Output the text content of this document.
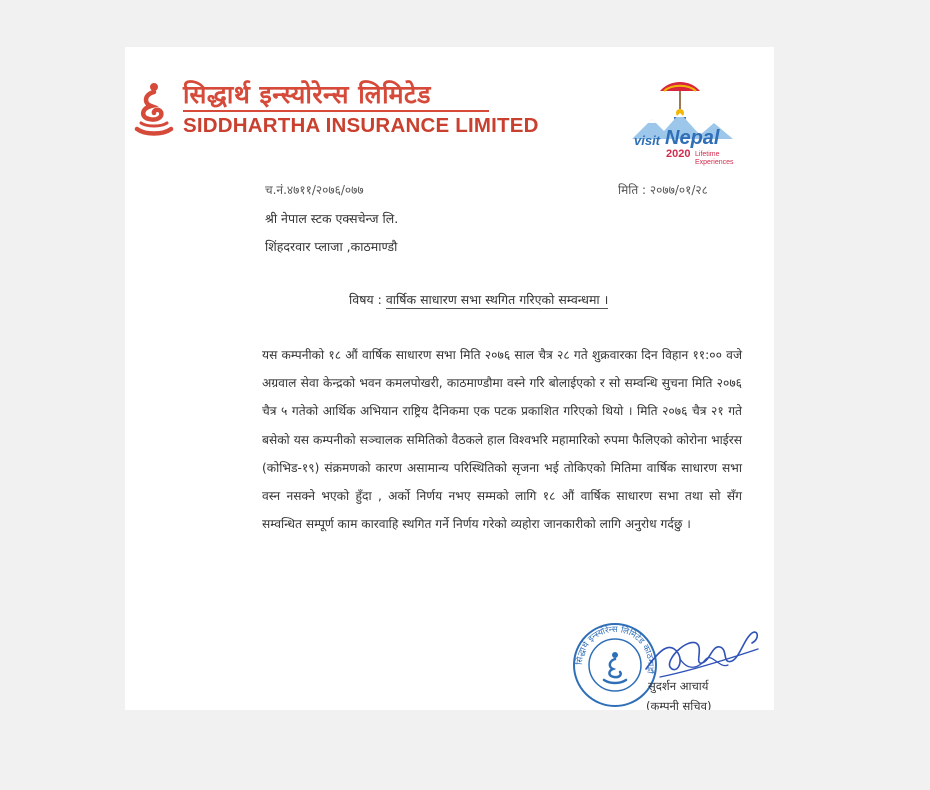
सिद्धार्थ इन्स्योरेन्स लिमिटेड
SIDDHARTHA INSURANCE LIMITED
visit Nepal
2020 Lifetime Experiences
च.नं.४७११/२०७६/०७७	मिति : २०७७/०१/२८
श्री नेपाल स्टक एक्सचेन्ज लि.
शिंहदरवार प्लाजा ,काठमाण्डौ
विषय : वार्षिक साधारण सभा स्थगित गरिएको सम्वन्धमा ।

यस कम्पनीको १८ औं वार्षिक साधारण सभा मिति २०७६ साल चैत्र २८ गते शुक्रवारका दिन विहान ११:०० वजे अग्रवाल सेवा केन्द्रको भवन कमलपोखरी, काठमाण्डौमा वस्ने गरि बोलाईएको र सो सम्वन्धि सुचना मिति २०७६ चैत्र ५ गतेको आर्थिक अभियान राष्ट्रिय दैनिकमा एक पटक प्रकाशित गरिएको थियो । मिति २०७६ चैत्र २१ गते बसेको यस कम्पनीको सञ्चालक समितिको वैठकले हाल विश्वभरि महामारिको रुपमा फैलिएको कोरोना भाईरस (कोभिड-१९) संक्रमणको कारण असामान्य परिस्थितिको सृजना भई तोकिएको मितिमा वार्षिक साधारण सभा वस्न नसक्ने भएको हुँदा , अर्को निर्णय नभए सम्मको लागि १८ औं वार्षिक साधारण सभा तथा सो सँग सम्वन्धित सम्पूर्ण काम कारवाहि स्थगित गर्ने निर्णय गरेको व्यहोरा जानकारीको लागि अनुरोध गर्दछु ।

सिद्धार्थ इन्स्योरेन्स लिमिटेड काठमाडौं
सुदर्शन आचार्य
(कम्पनी सचिव)
